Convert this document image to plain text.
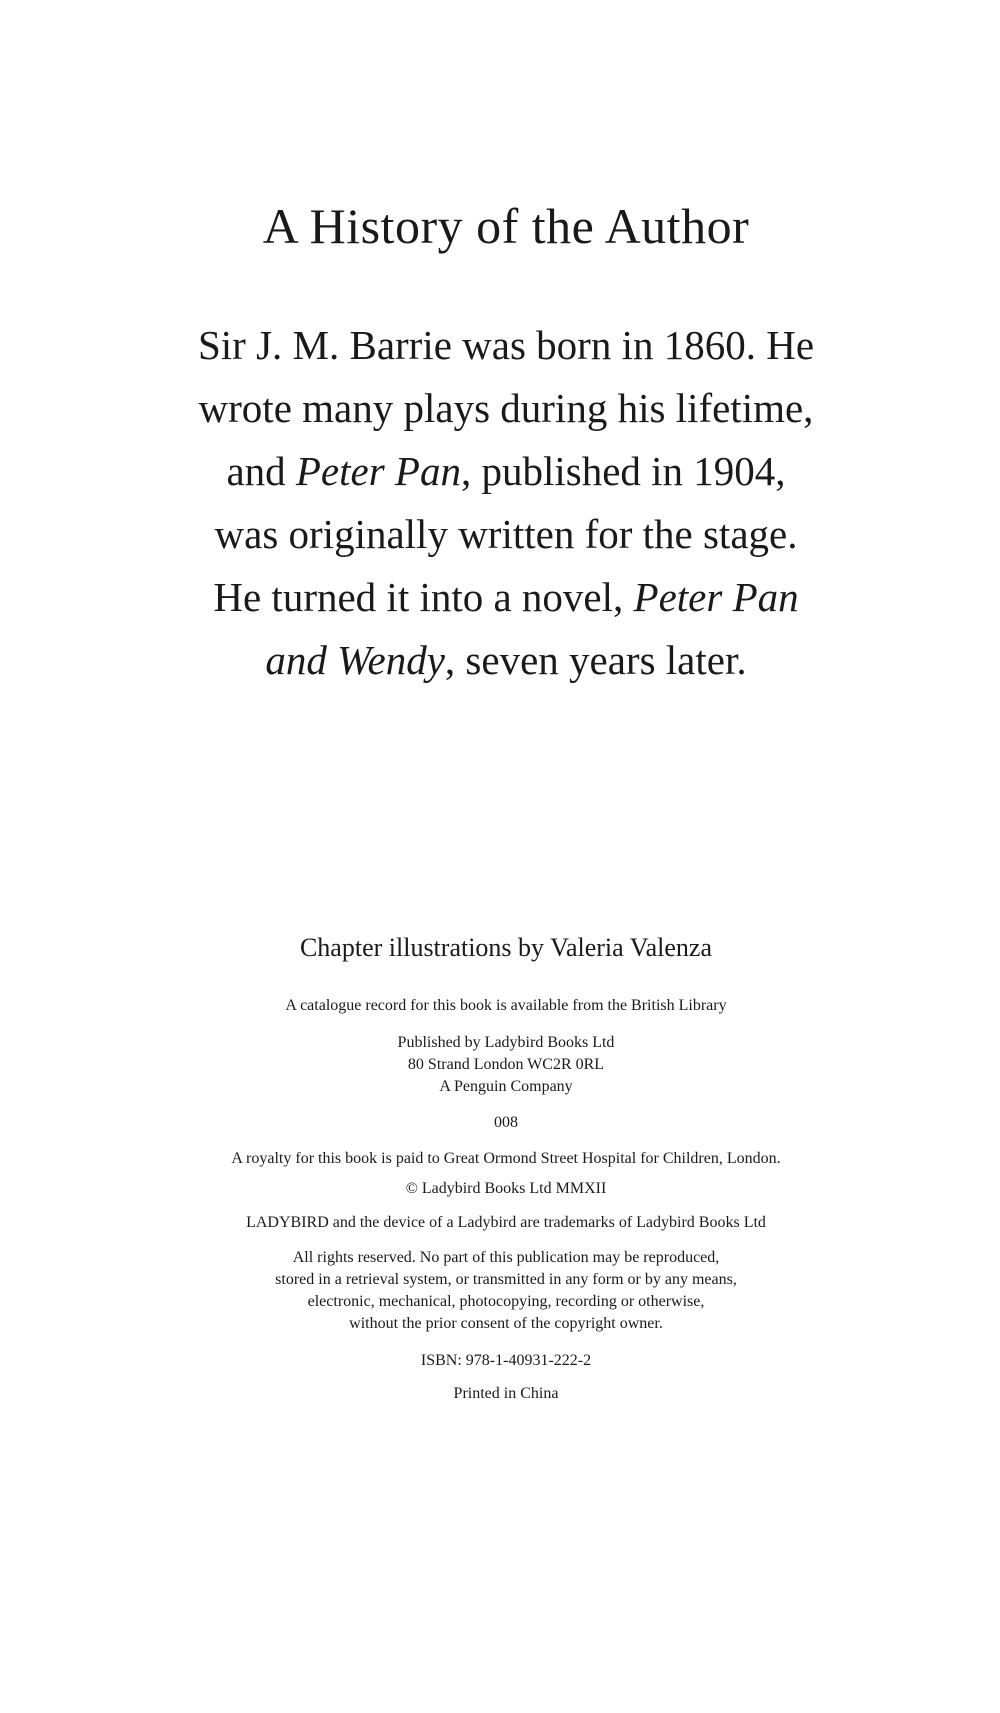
A History of the Author
Sir J. M. Barrie was born in 1860. He
wrote many plays during his lifetime,
and Peter Pan, published in 1904,
was originally written for the stage.
He turned it into a novel, Peter Pan
and Wendy, seven years later.
Chapter illustrations by Valeria Valenza
A catalogue record for this book is available from the British Library
Published by Ladybird Books Ltd
80 Strand London WC2R 0RL
A Penguin Company
008
A royalty for this book is paid to Great Ormond Street Hospital for Children, London.
© Ladybird Books Ltd MMXII
LADYBIRD and the device of a Ladybird are trademarks of Ladybird Books Ltd
All rights reserved. No part of this publication may be reproduced,
stored in a retrieval system, or transmitted in any form or by any means,
electronic, mechanical, photocopying, recording or otherwise,
without the prior consent of the copyright owner.
ISBN: 978-1-40931-222-2
Printed in China
